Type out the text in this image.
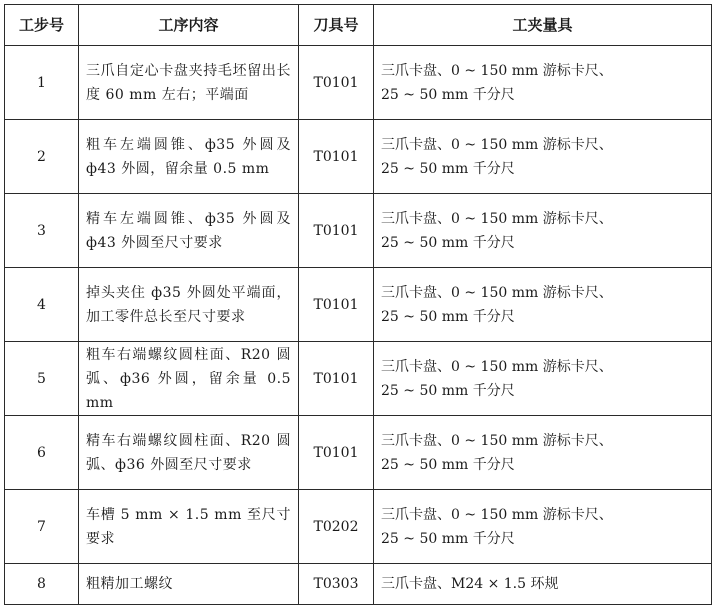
工步号	工序内容	刀具号	工夹量具
1	三爪自定心卡盘夹持毛坯留出长度 60 mm 左右；平端面	T0101	三爪卡盘、0 ~ 150 mm 游标卡尺、
25 ~ 50 mm 千分尺

2	粗车左端圆锥、ф35 外圆及 ф43 外圆，留余量 0.5 mm	T0101	三爪卡盘、0 ~ 150 mm 游标卡尺、
25 ~ 50 mm 千分尺

3	精车左端圆锥、ф35 外圆及 ф43 外圆至尺寸要求	T0101	三爪卡盘、0 ~ 150 mm 游标卡尺、
25 ~ 50 mm 千分尺

4	掉头夹住 ф35 外圆处平端面，加工零件总长至尺寸要求	T0101	三爪卡盘、0 ~ 150 mm 游标卡尺、
25 ~ 50 mm 千分尺

5	粗车右端螺纹圆柱面、R20 圆弧、ф36 外圆，留余量 0.5 mm	T0101	三爪卡盘、0 ~ 150 mm 游标卡尺、
25 ~ 50 mm 千分尺

6	精车右端螺纹圆柱面、R20 圆弧、ф36 外圆至尺寸要求	T0101	三爪卡盘、0 ~ 150 mm 游标卡尺、
25 ~ 50 mm 千分尺

7	车槽 5 mm × 1.5 mm 至尺寸要求	T0202	三爪卡盘、0 ~ 150 mm 游标卡尺、
25 ~ 50 mm 千分尺

8	粗精加工螺纹	T0303	三爪卡盘、M24 × 1.5 环规
